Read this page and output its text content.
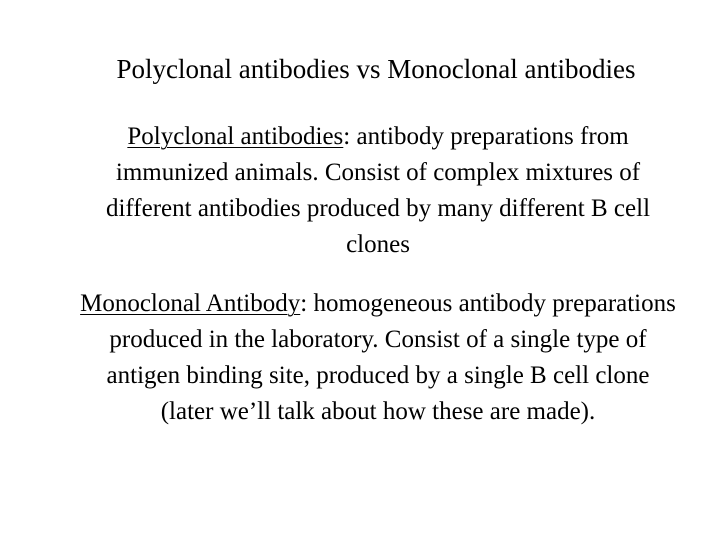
Polyclonal antibodies vs Monoclonal antibodies
Polyclonal antibodies: antibody preparations from
immunized animals. Consist of complex mixtures of
different antibodies produced by many different B cell
clones
Monoclonal Antibody: homogeneous antibody preparations
produced in the laboratory. Consist of a single type of
antigen binding site, produced by a single B cell clone
(later we’ll talk about how these are made).
